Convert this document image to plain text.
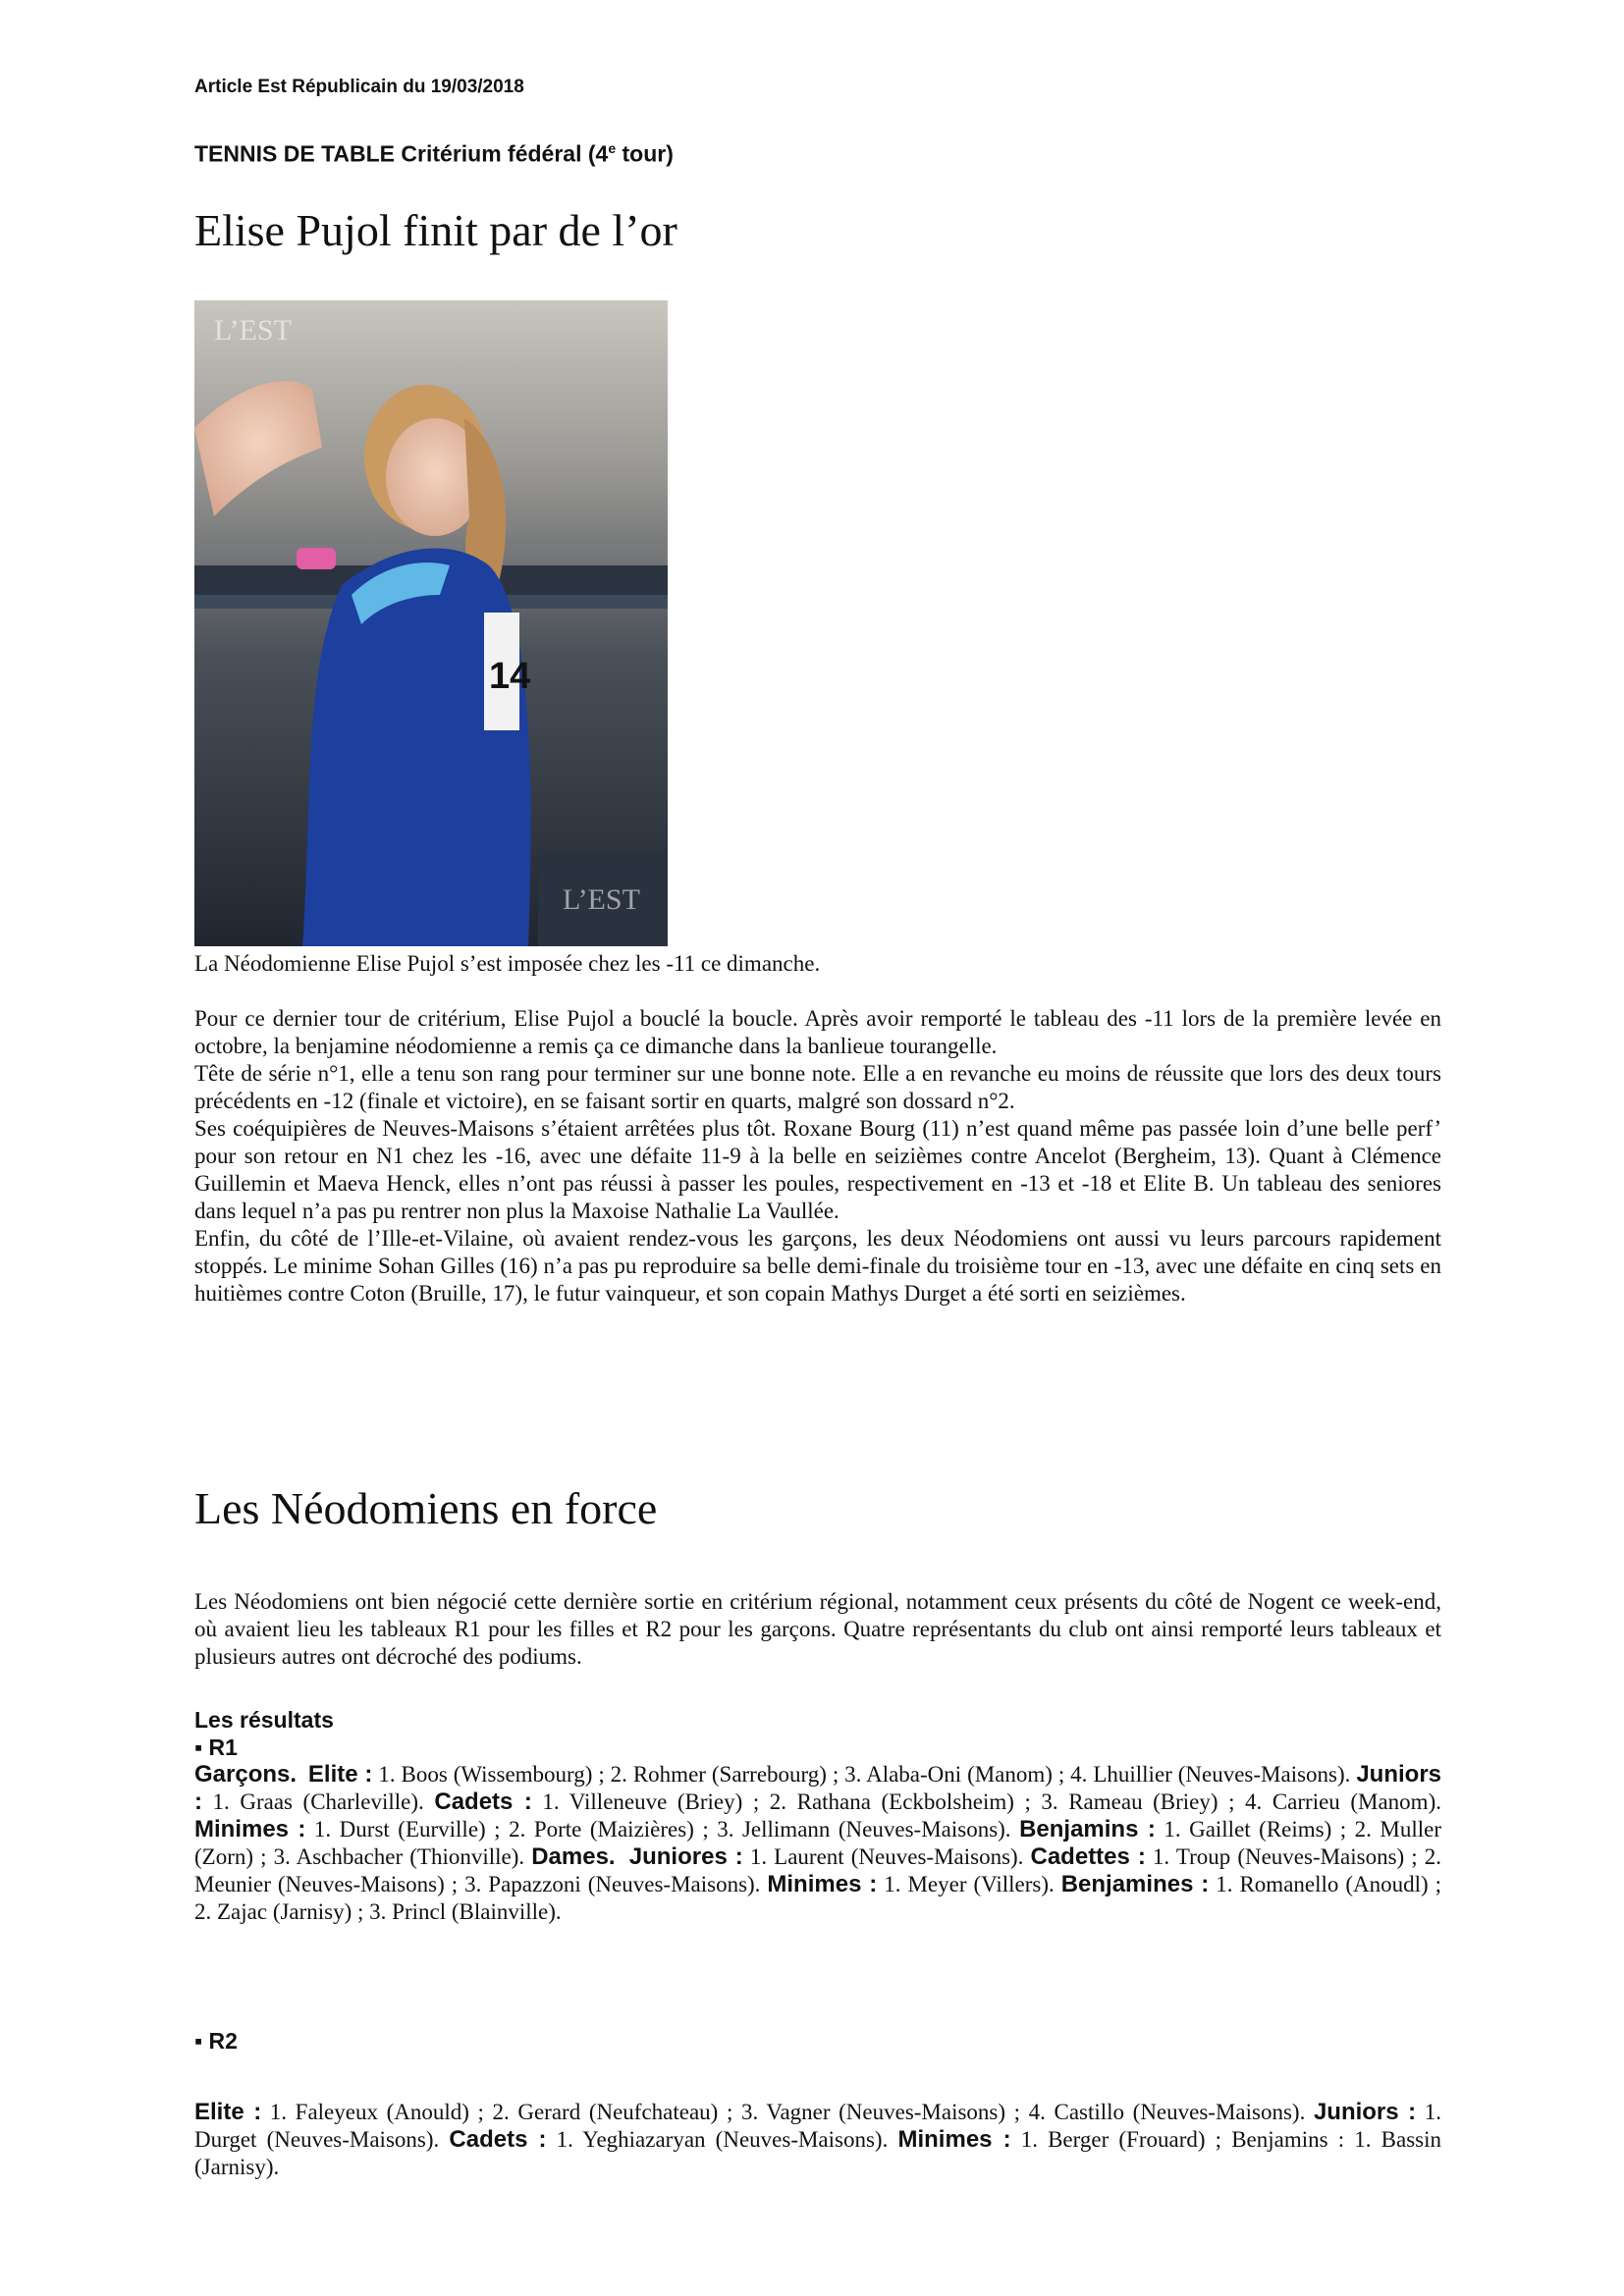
Article Est Républicain du 19/03/2018
TENNIS DE TABLE Critérium fédéral (4e tour)
Elise Pujol finit par de l’or
14
L’EST
L’EST
La Néodomienne Elise Pujol s’est imposée chez les -11 ce dimanche.

Pour ce dernier tour de critérium, Elise Pujol a bouclé la boucle. Après avoir remporté le tableau des -11 lors de la première levée en octobre, la benjamine néodomienne a remis ça ce dimanche dans la banlieue tourangelle.

Tête de série n°1, elle a tenu son rang pour terminer sur une bonne note. Elle a en revanche eu moins de réussite que lors des deux tours précédents en -12 (finale et victoire), en se faisant sortir en quarts, malgré son dossard n°2.

Ses coéquipières de Neuves-Maisons s’étaient arrêtées plus tôt. Roxane Bourg (11) n’est quand même pas passée loin d’une belle perf’ pour son retour en N1 chez les -16, avec une défaite 11-9 à la belle en seizièmes contre Ancelot (Bergheim, 13). Quant à Clémence Guillemin et Maeva Henck, elles n’ont pas réussi à passer les poules, respectivement en -13 et -18 et Elite B. Un tableau des seniores dans lequel n’a pas pu rentrer non plus la Maxoise Nathalie La Vaullée.

Enfin, du côté de l’Ille-et-Vilaine, où avaient rendez-vous les garçons, les deux Néodomiens ont aussi vu leurs parcours rapidement stoppés. Le minime Sohan Gilles (16) n’a pas pu reproduire sa belle demi-finale du troisième tour en -13, avec une défaite en cinq sets en huitièmes contre Coton (Bruille, 17), le futur vainqueur, et son copain Mathys Durget a été sorti en seizièmes.

Les Néodomiens en force

Les Néodomiens ont bien négocié cette dernière sortie en critérium régional, notamment ceux présents du côté de Nogent ce week-end, où avaient lieu les tableaux R1 pour les filles et R2 pour les garçons. Quatre représentants du club ont ainsi remporté leurs tableaux et plusieurs autres ont décroché des podiums.

Les résultats
▪ R1

Garçons. Elite : 1. Boos (Wissembourg) ; 2. Rohmer (Sarrebourg) ; 3. Alaba-Oni (Manom) ; 4. Lhuillier (Neuves-Maisons). Juniors : 1. Graas (Charleville). Cadets : 1. Villeneuve (Briey) ; 2. Rathana (Eckbolsheim) ; 3. Rameau (Briey) ; 4. Carrieu (Manom). Minimes : 1. Durst (Eurville) ; 2. Porte (Maizières) ; 3. Jellimann (Neuves-Maisons). Benjamins : 1. Gaillet (Reims) ; 2. Muller (Zorn) ; 3. Aschbacher (Thionville). Dames. Juniores : 1. Laurent (Neuves-Maisons). Cadettes : 1. Troup (Neuves-Maisons) ; 2. Meunier (Neuves-Maisons) ; 3. Papazzoni (Neuves-Maisons). Minimes : 1. Meyer (Villers). Benjamines : 1. Romanello (Anoudl) ; 2. Zajac (Jarnisy) ; 3. Princl (Blainville).

▪ R2

Elite : 1. Faleyeux (Anould) ; 2. Gerard (Neufchateau) ; 3. Vagner (Neuves-Maisons) ; 4. Castillo (Neuves-Maisons). Juniors : 1. Durget (Neuves-Maisons). Cadets : 1. Yeghiazaryan (Neuves-Maisons). Minimes : 1. Berger (Frouard) ; Benjamins : 1. Bassin (Jarnisy).
